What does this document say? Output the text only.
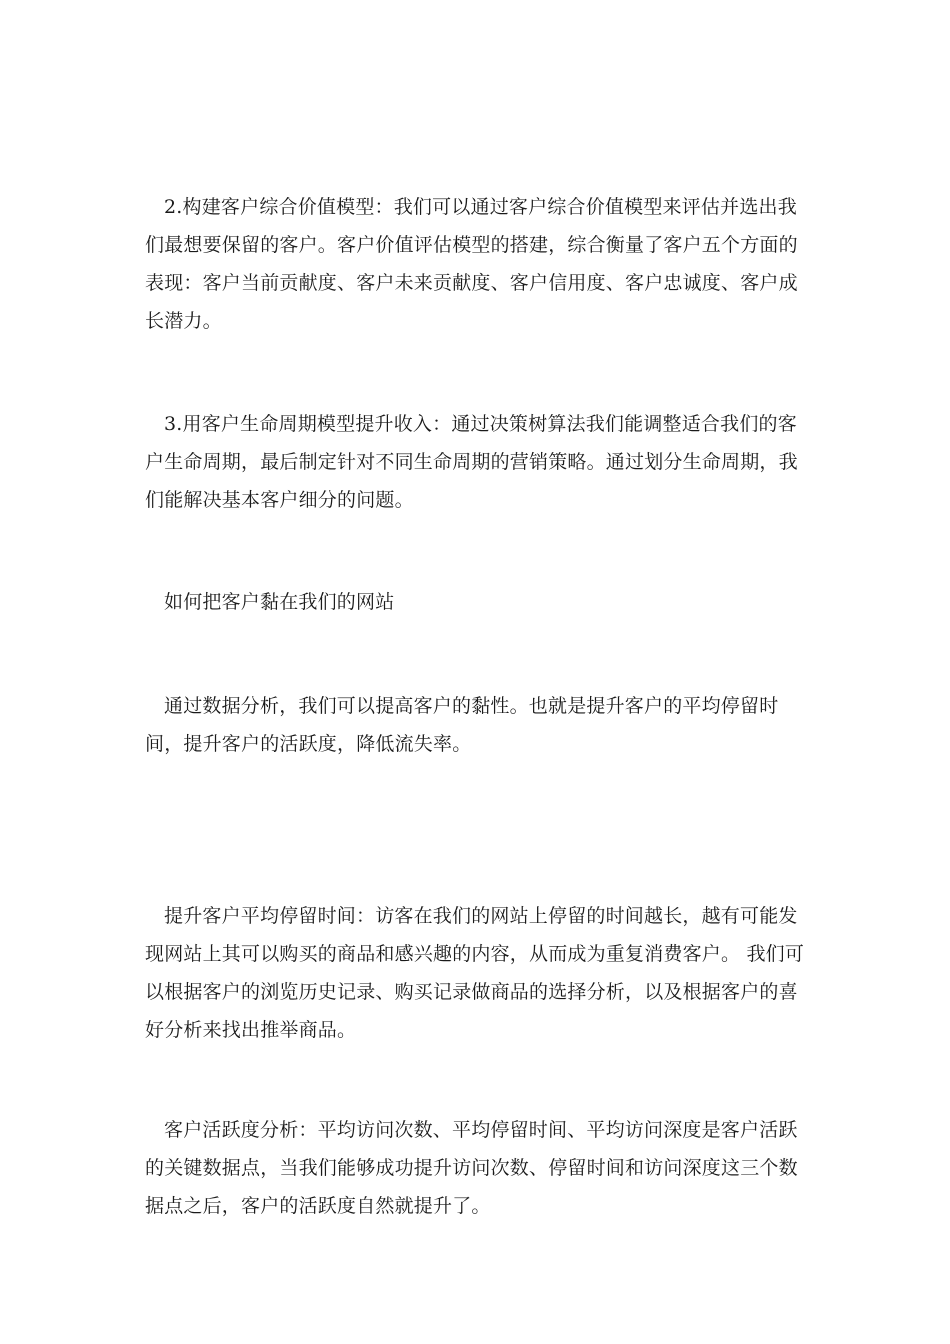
2.构建客户综合价值模型：我们可以通过客户综合价值模型来评估并选出我们最想要保留的客户。客户价值评估模型的搭建，综合衡量了客户五个方面的表现：客户当前贡献度、客户未来贡献度、客户信用度、客户忠诚度、客户成长潜力。

3.用客户生命周期模型提升收入：通过决策树算法我们能调整适合我们的客户生命周期，最后制定针对不同生命周期的营销策略。通过划分生命周期，我们能解决基本客户细分的问题。

如何把客户黏在我们的网站

通过数据分析，我们可以提高客户的黏性。也就是提升客户的平均停留时间，提升客户的活跃度，降低流失率。

提升客户平均停留时间：访客在我们的网站上停留的时间越长，越有可能发现网站上其可以购买的商品和感兴趣的内容，从而成为重复消费客户。 我们可以根据客户的浏览历史记录、购买记录做商品的选择分析，以及根据客户的喜好分析来找出推举商品。

客户活跃度分析：平均访问次数、平均停留时间、平均访问深度是客户活跃的关键数据点，当我们能够成功提升访问次数、停留时间和访问深度这三个数据点之后，客户的活跃度自然就提升了。
